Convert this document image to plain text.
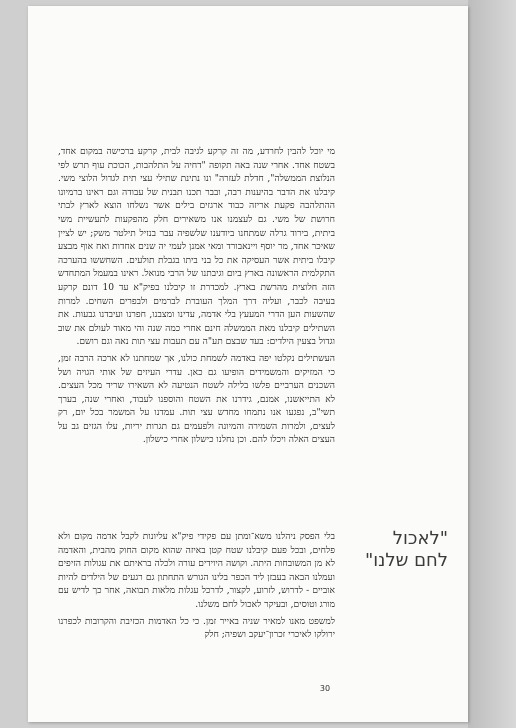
מי יוכל להבין לחרדע, מה זה קרקע לגיבה לבית, קרקע ברכישה במקום אחד, בשטח אחד. אחרי שנה באה תקופה "דחיה על התלהבות, הכוכת עוף תרש לפי הנלוצת הממשלה", חדלת לעזרה" ונו נתינת שתילי עצי תית לגדול הלוצי משי. קיבלנו את הדבר בהיענות רבה, ובבר תכנו תבנית של עבודה וגם ראינו ברמיונו ההתלהבה פקעת אריזה כבוד ארגזים בילים אשר נשלחו הוצא לארץ לבתי חרושת של משי. גם לעצמנו אנו משאירים חלק מהפקעות לתעשיית משי ביתית, בירוד גרלה שמתחנו ביודענו שלשפיה עבר בנזיל תילטר משק; יש לציין שאיכר אחד, מר יוסף ויינאבורד ומאי אמנן לעמי יה שנים אחדות ואח אוף מבצע קיבלו ביתית אשר העסיקה את כל בני ביתו בגבלת תולעים. השחששו בהערכה התקלמית הראשונה בארץ ביום וגיבתנו של הרבי מנואל. ראינו במעמל המתחדש הזה חלוצית מהרשת בארץ. למכדרת זו קיבלנו בפיק"א עד 10 דונם קרקע בעיבה לכבר, ועליה דרך המלך העוברת לברמים ולבפרים השחים. למרות שהשעות הען הדרי המעעץ בלי אדמה, עדינו ומצבנו, חפרנו ועיבדנו גבעות. את השתילים קיבלנו מאת הממשלה חינם אחרי כמה שנה והי מאוד לעולם את שוב וגדול בצעין הילדים: בעד שבצם תע"ה עם תעבות עצי תות נאה וגם רושם.

העשתילים נקלטו יפה באדמה לשמחת כולנו, אך שמחתנו לא ארכה הרבה זמן, כי המזיקים והמשמידים הופיעו גם כאן. עדרי העיזים של אותי הגויה ושל השכנים הערביים פלשו בלילה לשטח הנטיעה לא השאירו שריד מכל העצים. לא התייאשנו, אמנם, גידרנו את השטח והוספנו לעבוד, ואחרי שנה, בערך תשי"ב, נפגעו אנו נתמחו מחדש עצי תות. עמדנו על המשמר בכל יום, רק לעצים, ולמרות השמירה והמיונה ולפעמים גם תגרות יריות, עלו הגזים גב על העצים האלה ויכלו להם. וכן נחלנו כישלון אחרי כישלון.

"לאכול
לחם שלנו"

בלי הפסק ניהלנו משא־ומתן עם פקידי פיק"א עליונות לקבל אדמה מקום ולא פלחים, ובכל פעם קיבלנו שטח קטן באיזה שהוא מקום החוק מהבית, והאדמה לא מן המשובחות היתה. וקושה היוידים עורה ולכלה בראיתם את עגולות הזיפים ועמלנו הבאה בעבזן ליד הכפר בלינו הגורש התחתון גם רגעים של הילדים להיות אוביים - לדרוש, לזרוע, לקצור, לדרכל עגלות מלאות תבואה, אחר כך לדיש עם מורג וטוסים, ובעיקר לאכול לחם משלנו.

למשפט מאנו למאיר שניה באייר זמן. כי כל האדמות הכזיבת והקרובות לכפרנו ירולקו לאיכרי זכרון־יעקב ושפיה; חלק

30
